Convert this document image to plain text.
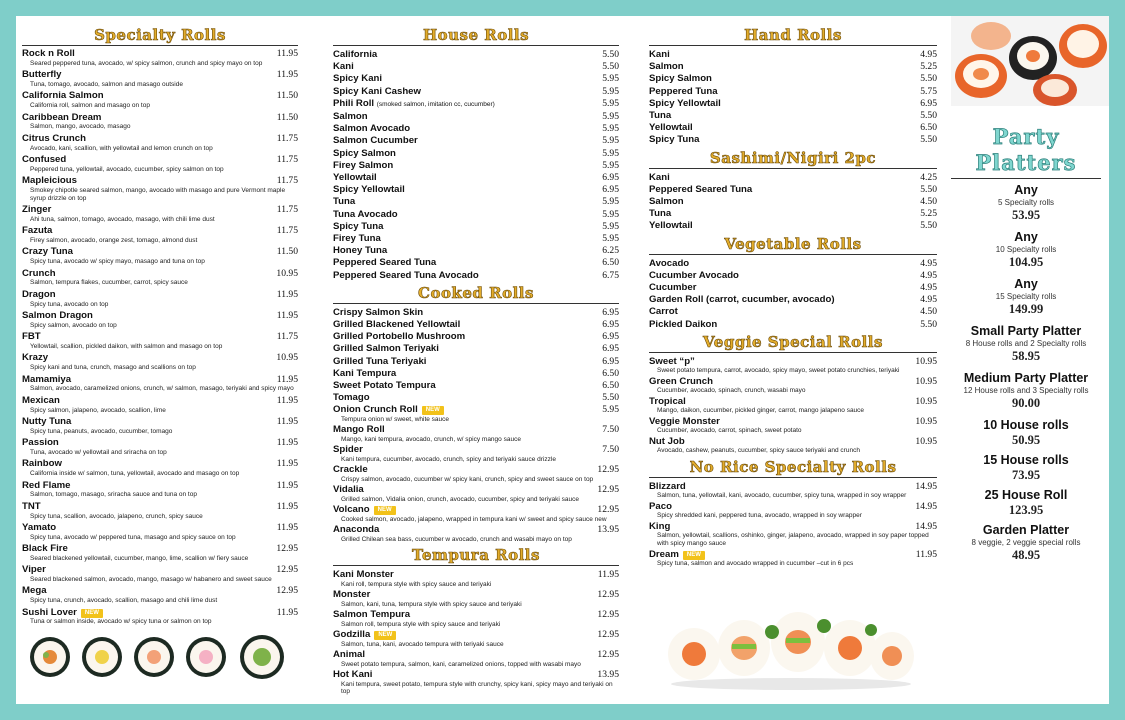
Specialty Rolls
Rock n Roll	11.95
Seared peppered tuna, avocado, w/ spicy salmon, crunch and spicy mayo on top
Butterfly	11.95
Tuna, tomago, avocado, salmon and masago outside
California Salmon	11.50
California roll, salmon and masago on top
Caribbean Dream	11.50
Salmon, mango, avocado, masago
Citrus Crunch	11.75
Avocado, kani, scallion, with yellowtail and lemon crunch on top
Confused	11.75
Peppered tuna, yellowtail, avocado, cucumber, spicy salmon on top
Mapleicious	11.75
Smokey chipotle seared salmon, mango, avocado with masago and pure Vermont maple syrup drizzle on top
Zinger	11.75
Ahi tuna, salmon, tomago, avocado, masago, with chili lime dust
Fazuta	11.75
Firey salmon, avocado, orange zest, tomago, almond dust
Crazy Tuna	11.50
Spicy tuna, avocado w/ spicy mayo, masago and tuna on top
Crunch	10.95
Salmon, tempura flakes, cucumber, carrot, spicy sauce
Dragon	11.95
Spicy tuna, avocado on top
Salmon Dragon	11.95
Spicy salmon, avocado on top
FBT	11.75
Yellowtail, scallion, pickled daikon, with salmon and masago on top
Krazy	10.95
Spicy kani and tuna, crunch, masago and scallions on top
Mamamiya	11.95
Salmon, avocado, caramelized onions, crunch, w/ salmon, masago, teriyaki and spicy mayo
Mexican	11.95
Spicy salmon, jalapeno, avocado, scallion, lime
Nutty Tuna	11.95
Spicy tuna, peanuts, avocado, cucumber, tomago
Passion	11.95
Tuna, avocado w/ yellowtail and sriracha on top
Rainbow	11.95
California inside w/ salmon, tuna, yellowtail, avocado and masago on top
Red Flame	11.95
Salmon, tomago, masago, sriracha sauce and tuna on top
TNT	11.95
Spicy tuna, scallion, avocado, jalapeno, crunch, spicy sauce
Yamato	11.95
Spicy tuna, avocado w/ peppered tuna, masago and spicy sauce on top
Black Fire	12.95
Seared blackened yellowtail, cucumber, mango, lime, scallion w/ fiery sauce
Viper	12.95
Seared blackened salmon, avocado, mango, masago w/ habanero and sweet sauce
Mega	12.95
Spicy tuna, crunch, avocado, scallion, masago and chili lime dust
Sushi Lover NEW	11.95
Tuna or salmon inside, avocado w/ spicy tuna or salmon on top
House Rolls
California	5.50
Kani	5.50
Spicy Kani	5.95
Spicy Kani Cashew	5.95
Phili Roll (smoked salmon, imitation cc, cucumber)	5.95
Salmon	5.95
Salmon Avocado	5.95
Salmon Cucumber	5.95
Spicy Salmon	5.95
Firey Salmon	5.95
Yellowtail	6.95
Spicy Yellowtail	6.95
Tuna	5.95
Tuna Avocado	5.95
Spicy Tuna	5.95
Firey Tuna	5.95
Honey Tuna	6.25
Peppered Seared Tuna	6.50
Peppered Seared Tuna Avocado	6.75
Cooked Rolls
Crispy Salmon Skin	6.95
Grilled Blackened Yellowtail	6.95
Grilled Portobello Mushroom	6.95
Grilled Salmon Teriyaki	6.95
Grilled Tuna Teriyaki	6.95
Kani Tempura	6.50
Sweet Potato Tempura	6.50
Tomago	5.50
Onion Crunch Roll NEW	5.95
Tempura onion w/ sweet, white sauce
Mango Roll	7.50
Mango, kani tempura, avocado, crunch, w/ spicy mango sauce
Spider	7.50
Kani tempura, cucumber, avocado, crunch, spicy and teriyaki sauce drizzle
Crackle	12.95
Crispy salmon, avocado, cucumber w/ spicy kani, crunch, spicy and sweet sauce on top
Vidalia	12.95
Grilled salmon, Vidalia onion, crunch, avocado, cucumber, spicy and teriyaki sauce
Volcano NEW	12.95
Cooked salmon, avocado, jalapeno, wrapped in tempura kani w/ sweet and spicy sauce new
Anaconda	13.95
Grilled Chilean sea bass, cucumber w avocado, crunch and wasabi mayo on top
Tempura Rolls
Kani Monster	11.95
Kani roll, tempura style with spicy sauce and teriyaki
Monster	12.95
Salmon, kani, tuna, tempura style with spicy sauce and teriyaki
Salmon Tempura	12.95
Salmon roll, tempura style with spicy sauce and teriyaki
Godzilla NEW	12.95
Salmon, tuna, kani, avocado tempura with teriyaki sauce
Animal	12.95
Sweet potato tempura, salmon, kani, caramelized onions, topped with wasabi mayo
Hot Kani	13.95
Kani tempura, sweet potato, tempura style with crunchy, spicy kani, spicy mayo and teriyaki on top
Hand Rolls
Kani	4.95
Salmon	5.25
Spicy Salmon	5.50
Peppered Tuna	5.75
Spicy Yellowtail	6.95
Tuna	5.50
Yellowtail	6.50
Spicy Tuna	5.50
Sashimi/Nigiri 2pc
Kani	4.25
Peppered Seared Tuna	5.50
Salmon	4.50
Tuna	5.25
Yellowtail	5.50
Vegetable Rolls
Avocado	4.95
Cucumber Avocado	4.95
Cucumber	4.95
Garden Roll (carrot, cucumber, avocado)	4.95
Carrot	4.50
Pickled Daikon	5.50
Veggie Special Rolls
Sweet “p”	10.95
Sweet potato tempura, carrot, avocado, spicy mayo, sweet potato crunchies, teriyaki
Green Crunch	10.95
Cucumber, avocado, spinach, crunch, wasabi mayo
Tropical	10.95
Mango, daikon, cucumber, pickled ginger, carrot, mango jalapeno sauce
Veggie Monster	10.95
Cucumber, avocado, carrot, spinach, sweet potato
Nut Job	10.95
Avocado, cashew, peanuts, cucumber, spicy sauce teriyaki and crunch
No Rice Specialty Rolls
Blizzard	14.95
Salmon, tuna, yellowtail, kani, avocado, cucumber, spicy tuna, wrapped in soy wrapper
Paco	14.95
Spicy shredded kani, peppered tuna, avocado, wrapped in soy wrapper
King	14.95
Salmon, yellowtail, scallions, oshinko, ginger, jalapeno, avocado, wrapped in soy paper topped with spicy mango sauce
Dream NEW	11.95
Spicy tuna, salmon and avocado wrapped in cucumber –cut in 6 pcs
Party
Platters
Any
5 Specialty rolls
53.95
Any
10 Specialty rolls
104.95
Any
15 Specialty rolls
149.99
Small Party Platter
8 House rolls and 2 Specialty rolls
58.95
Medium Party Platter
12 House rolls and 3 Specialty rolls
90.00
10 House rolls
50.95
15 House rolls
73.95
25 House Roll
123.95
Garden Platter
8 veggie, 2 veggie special rolls
48.95
